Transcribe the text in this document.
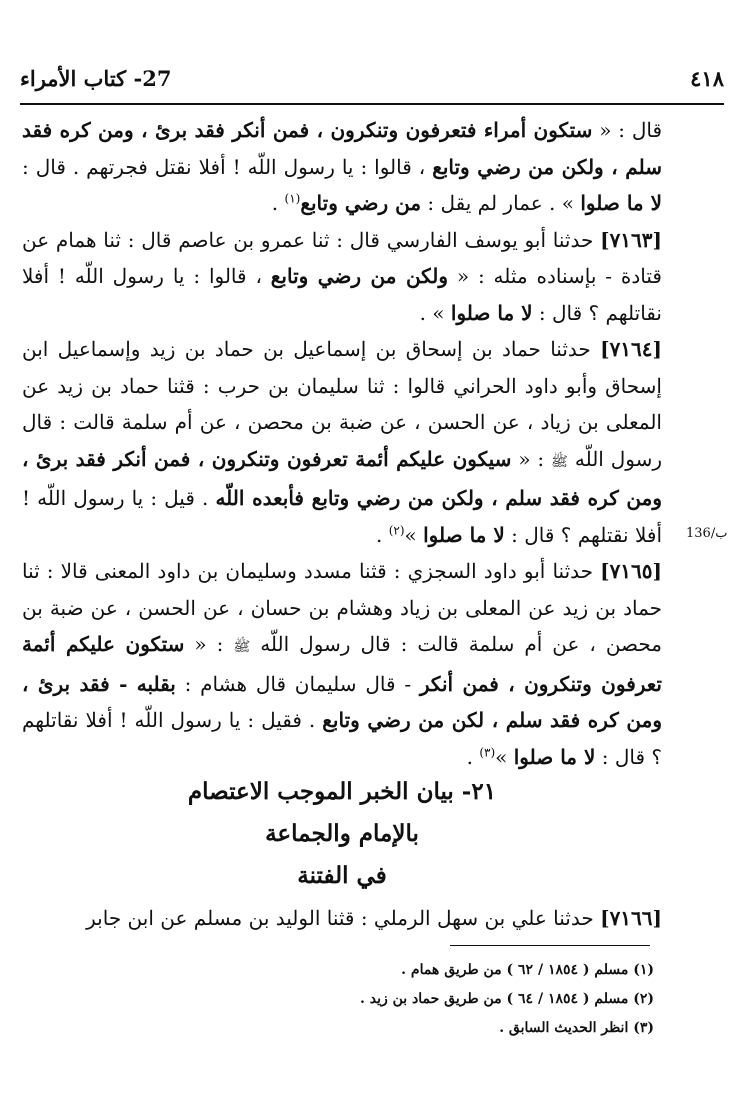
٤١٨
27- كتاب الأمراء
136/ب

قال : « ستكون أمراء فتعرفون وتنكرون ، فمن أنكر فقد برئ ، ومن كره فقد سلم ، ولكن من رضي وتابع ، قالوا : يا رسول اللّه ! أفلا نقتل فجرتهم . قال : لا ما صلوا » . عمار لم يقل : من رضي وتابع$^{(١)}$ .

[٧١٦٣] حدثنا أبو يوسف الفارسي قال : ثنا عمرو بن عاصم قال : ثنا همام عن قتادة - بإسناده مثله : « ولكن من رضي وتابع ، قالوا : يا رسول اللّه ! أفلا نقاتلهم ؟ قال : لا ما صلوا » .

[٧١٦٤] حدثنا حماد بن إسحاق بن إسماعيل بن حماد بن زيد وإسماعيل ابن إسحاق وأبو داود الحراني قالوا : ثنا سليمان بن حرب : قثنا حماد بن زيد عن المعلى بن زياد ، عن الحسن ، عن ضبة بن محصن ، عن أم سلمة قالت : قال رسول اللّه ﷺ : « سيكون عليكم أئمة تعرفون وتنكرون ، فمن أنكر فقد برئ ، ومن كره فقد سلم ، ولكن من رضي وتابع فأبعده اللّه . قيل : يا رسول اللّه ! أفلا نقتلهم ؟ قال : لا ما صلوا »$^{(٢)}$ .

[٧١٦٥] حدثنا أبو داود السجزي : قثنا مسدد وسليمان بن داود المعنى قالا : ثنا حماد بن زيد عن المعلى بن زياد وهشام بن حسان ، عن الحسن ، عن ضبة بن محصن ، عن أم سلمة قالت : قال رسول اللّه ﷺ : « ستكون عليكم أئمة تعرفون وتنكرون ، فمن أنكر - قال سليمان قال هشام : بقلبه - فقد برئ ، ومن كره فقد سلم ، لكن من رضي وتابع . فقيل : يا رسول اللّه ! أفلا نقاتلهم ؟ قال : لا ما صلوا »$^{(٣)}$ .

٢١- بيان الخبر الموجب الاعتصام
بالإمام والجماعة
في الفتنة
[٧١٦٦] حدثنا علي بن سهل الرملي : قثنا الوليد بن مسلم عن ابن جابر
(١) مسلم ( ١٨٥٤ / ٦٢ ) من طريق همام .
(٢) مسلم ( ١٨٥٤ / ٦٤ ) من طريق حماد بن زيد .
(٣) انظر الحديث السابق .
